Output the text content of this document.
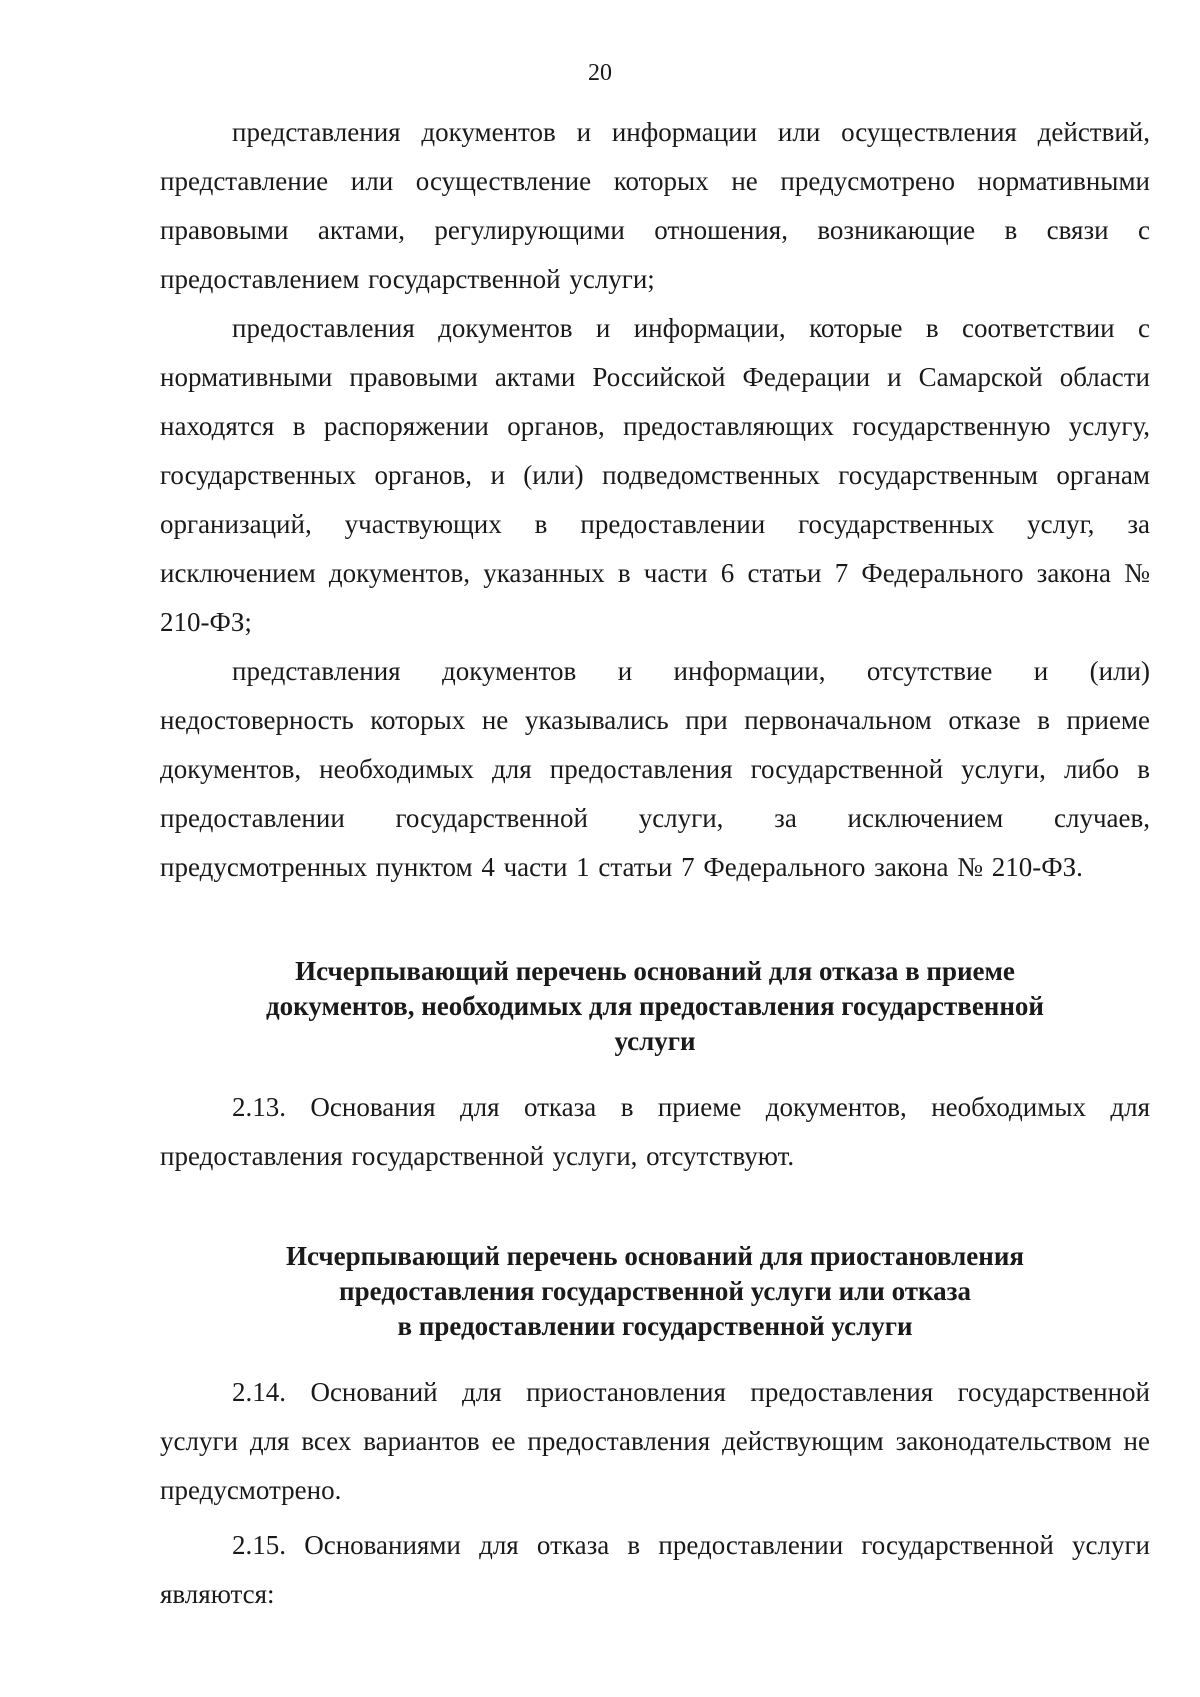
20

представления документов и информации или осуществления действий, представление или осуществление которых не предусмотрено нормативными правовыми актами, регулирующими отношения, возникающие в связи с предоставлением государственной услуги;

предоставления документов и информации, которые в соответствии с нормативными правовыми актами Российской Федерации и Самарской области находятся в распоряжении органов, предоставляющих государственную услугу, государственных органов, и (или) подведомственных государственным органам организаций, участвующих в предоставлении государственных услуг, за исключением документов, указанных в части 6 статьи 7 Федерального закона № 210-ФЗ;

представления документов и информации, отсутствие и (или) недостоверность которых не указывались при первоначальном отказе в приеме документов, необходимых для предоставления государственной услуги, либо в предоставлении государственной услуги, за исключением случаев, предусмотренных пунктом 4 части 1 статьи 7 Федерального закона № 210-ФЗ.

Исчерпывающий перечень оснований для отказа в приеме
документов, необходимых для предоставления государственной
услуги

2.13. Основания для отказа в приеме документов, необходимых для предоставления государственной услуги, отсутствуют.

Исчерпывающий перечень оснований для приостановления
предоставления государственной услуги или отказа
в предоставлении государственной услуги

2.14. Оснований для приостановления предоставления государственной услуги для всех вариантов ее предоставления действующим законодательством не предусмотрено.

2.15. Основаниями для отказа в предоставлении государственной услуги являются:
